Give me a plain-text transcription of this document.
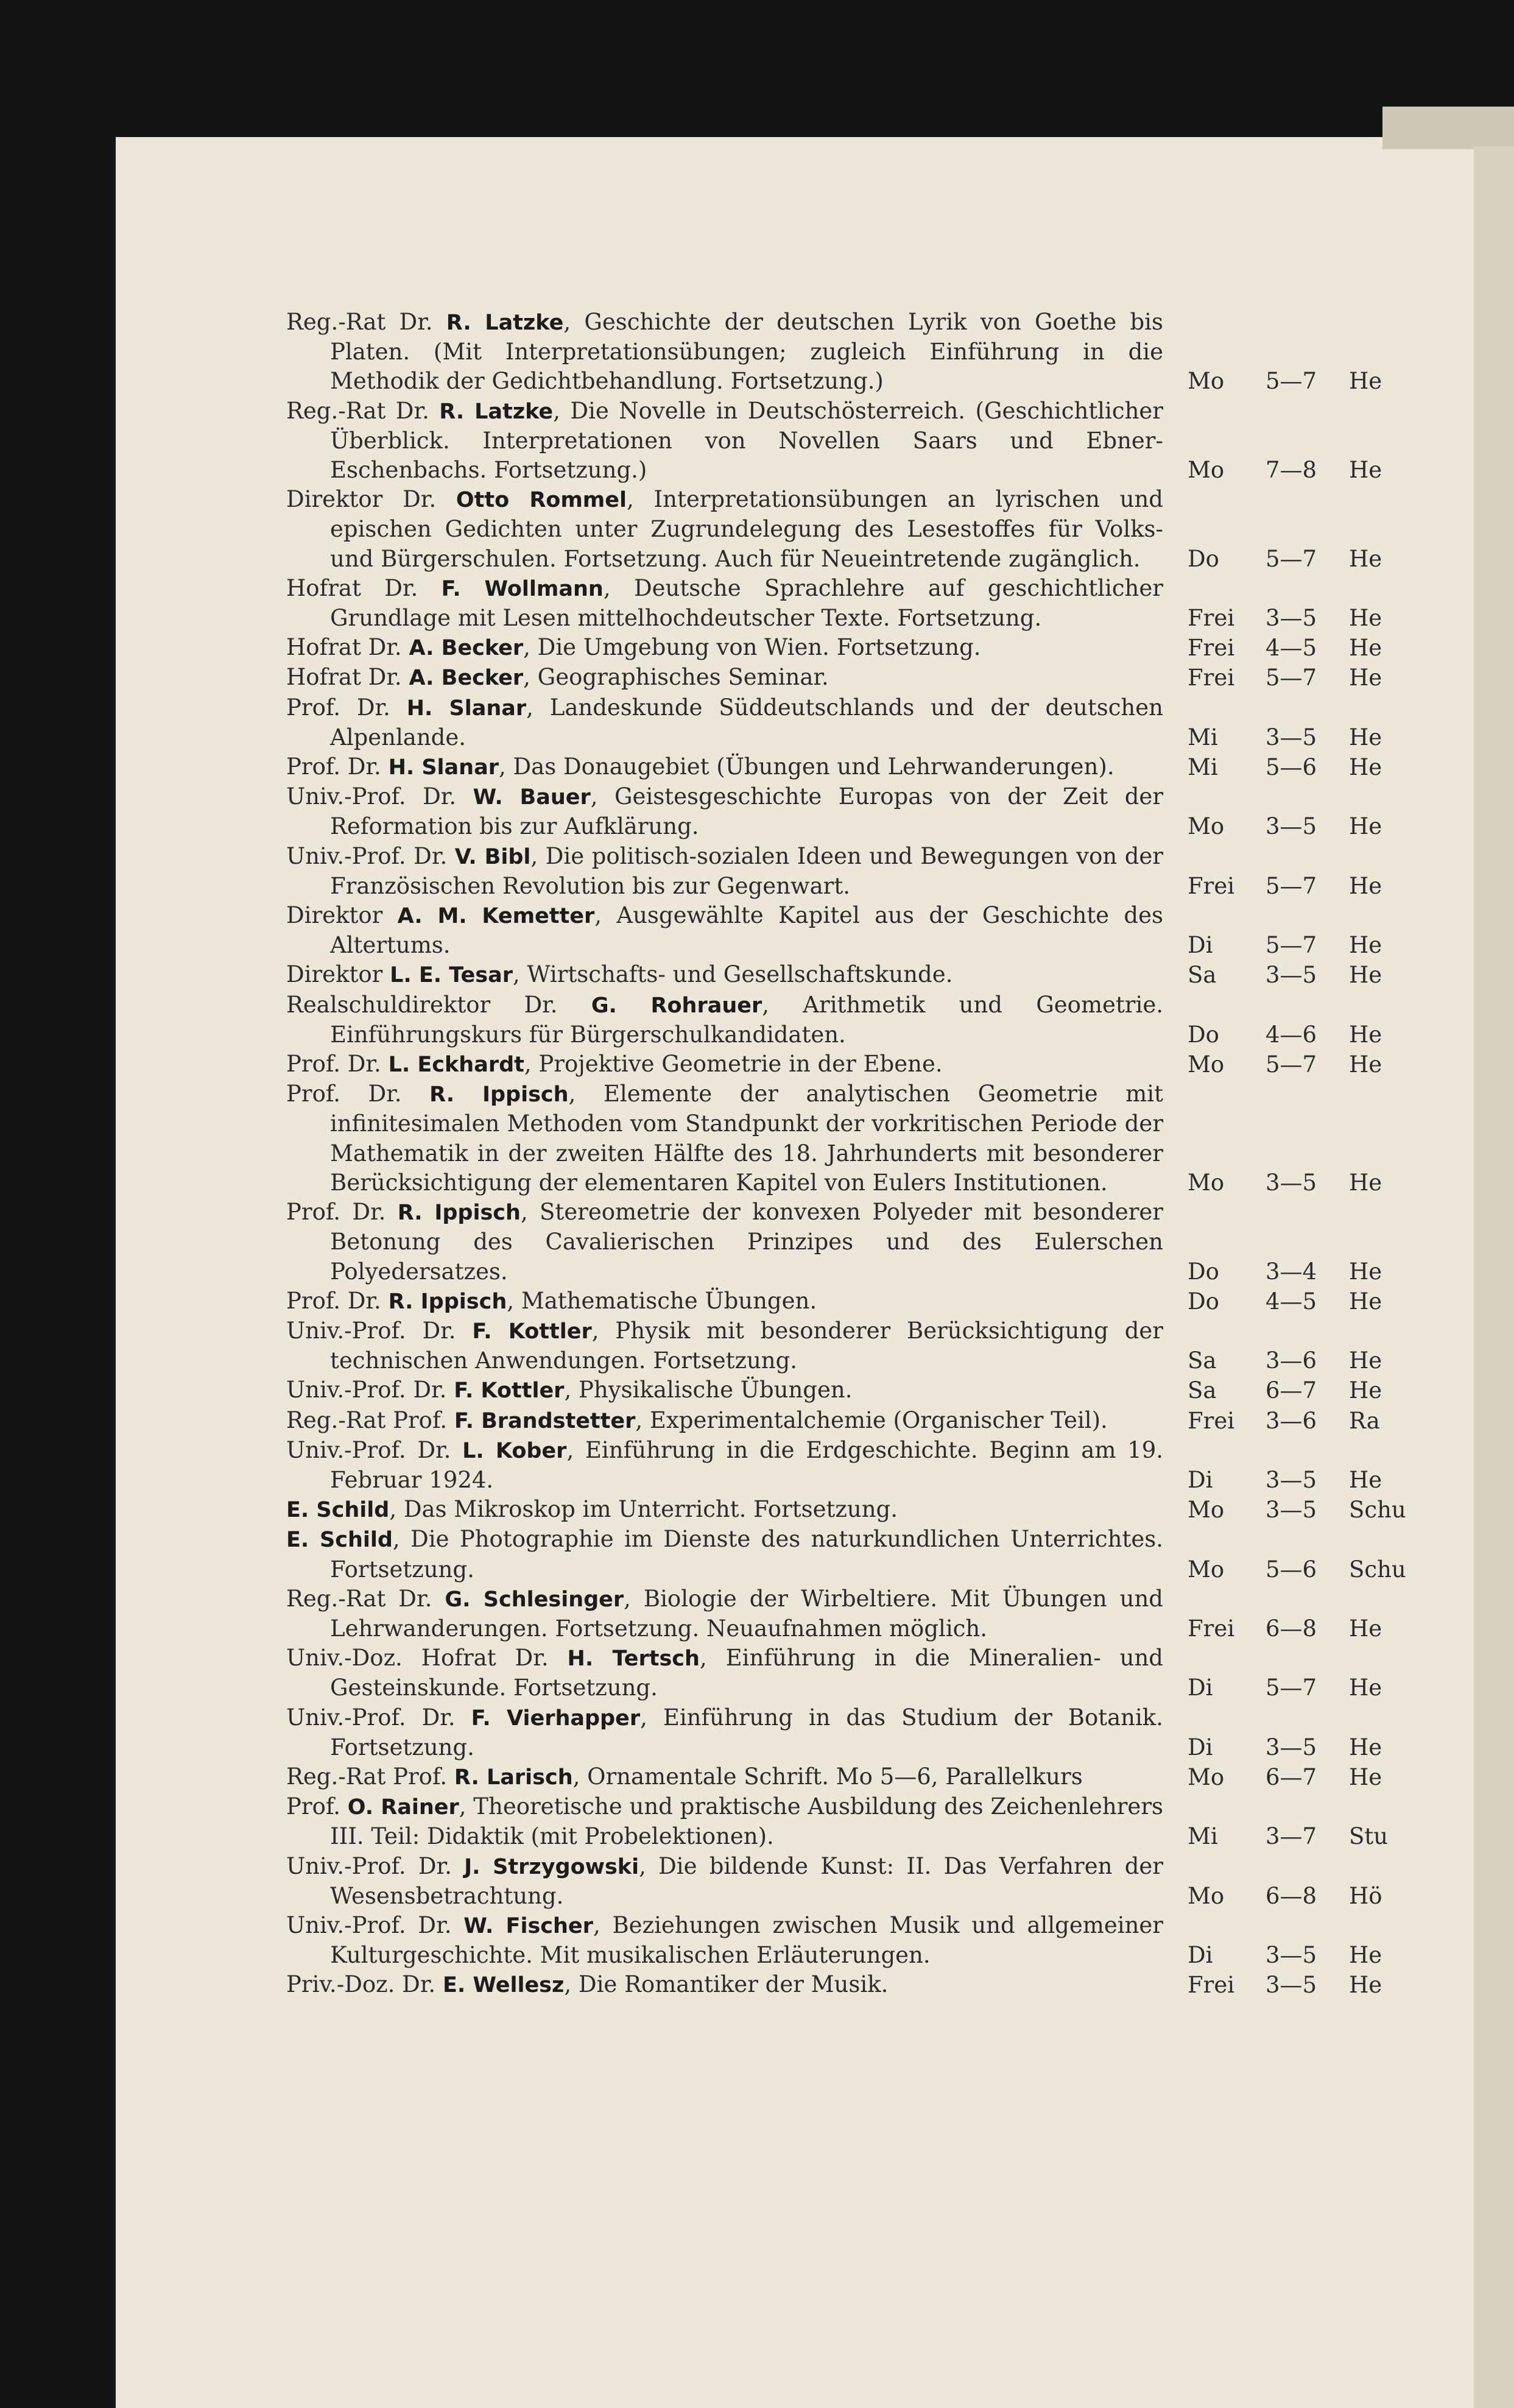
Reg.-Rat Dr. R. Latzke, Geschichte der deutschen Lyrik von Goethe bis Platen. (Mit Interpretationsübungen; zugleich Einführung in die Methodik der Gedichtbehandlung. Fortsetzung.)	Mo 5—7 He
Reg.-Rat Dr. R. Latzke, Die Novelle in Deutschösterreich. (Geschichtlicher Überblick. Interpretationen von Novellen Saars und Ebner-Eschenbachs. Fortsetzung.)	Mo 7—8 He
Direktor Dr. Otto Rommel, Interpretationsübungen an lyrischen und epischen Gedichten unter Zugrundelegung des Lesestoffes für Volks- und Bürgerschulen. Fortsetzung. Auch für Neueintretende zugänglich.	Do 5—7 He
Hofrat Dr. F. Wollmann, Deutsche Sprachlehre auf geschichtlicher Grundlage mit Lesen mittelhochdeutscher Texte. Fortsetzung.	Frei 3—5 He
Hofrat Dr. A. Becker, Die Umgebung von Wien. Fortsetzung.	Frei 4—5 He
Hofrat Dr. A. Becker, Geographisches Seminar.	Frei 5—7 He
Prof. Dr. H. Slanar, Landeskunde Süddeutschlands und der deutschen Alpenlande.	Mi 3—5 He
Prof. Dr. H. Slanar, Das Donaugebiet (Übungen und Lehrwanderungen).	Mi 5—6 He
Univ.-Prof. Dr. W. Bauer, Geistesgeschichte Europas von der Zeit der Reformation bis zur Aufklärung.	Mo 3—5 He
Univ.-Prof. Dr. V. Bibl, Die politisch-sozialen Ideen und Bewegungen von der Französischen Revolution bis zur Gegenwart.	Frei 5—7 He
Direktor A. M. Kemetter, Ausgewählte Kapitel aus der Geschichte des Altertums.	Di 5—7 He
Direktor L. E. Tesar, Wirtschafts- und Gesellschaftskunde.	Sa 3—5 He
Realschuldirektor Dr. G. Rohrauer, Arithmetik und Geometrie. Einführungskurs für Bürgerschulkandidaten.	Do 4—6 He
Prof. Dr. L. Eckhardt, Projektive Geometrie in der Ebene.	Mo 5—7 He
Prof. Dr. R. Ippisch, Elemente der analytischen Geometrie mit infinitesimalen Methoden vom Standpunkt der vorkritischen Periode der Mathematik in der zweiten Hälfte des 18. Jahrhunderts mit besonderer Berücksichtigung der elementaren Kapitel von Eulers Institutionen.	Mo 3—5 He
Prof. Dr. R. Ippisch, Stereometrie der konvexen Polyeder mit besonderer Betonung des Cavalierischen Prinzipes und des Eulerschen Polyedersatzes.	Do 3—4 He
Prof. Dr. R. Ippisch, Mathematische Übungen.	Do 4—5 He
Univ.-Prof. Dr. F. Kottler, Physik mit besonderer Berücksichtigung der technischen Anwendungen. Fortsetzung.	Sa 3—6 He
Univ.-Prof. Dr. F. Kottler, Physikalische Übungen.	Sa 6—7 He
Reg.-Rat Prof. F. Brandstetter, Experimentalchemie (Organischer Teil).	Frei 3—6 Ra
Univ.-Prof. Dr. L. Kober, Einführung in die Erdgeschichte. Beginn am 19. Februar 1924.	Di 3—5 He
E. Schild, Das Mikroskop im Unterricht. Fortsetzung.	Mo 3—5 Schu
E. Schild, Die Photographie im Dienste des naturkundlichen Unterrichtes. Fortsetzung.	Mo 5—6 Schu
Reg.-Rat Dr. G. Schlesinger, Biologie der Wirbeltiere. Mit Übungen und Lehrwanderungen. Fortsetzung. Neuaufnahmen möglich.	Frei 6—8 He
Univ.-Doz. Hofrat Dr. H. Tertsch, Einführung in die Mineralien- und Gesteinskunde. Fortsetzung.	Di 5—7 He
Univ.-Prof. Dr. F. Vierhapper, Einführung in das Studium der Botanik. Fortsetzung.	Di 3—5 He
Reg.-Rat Prof. R. Larisch, Ornamentale Schrift. Mo 5—6, Parallelkurs	Mo 6—7 He
Prof. O. Rainer, Theoretische und praktische Ausbildung des Zeichenlehrers III. Teil: Didaktik (mit Probelektionen).	Mi 3—7 Stu
Univ.-Prof. Dr. J. Strzygowski, Die bildende Kunst: II. Das Verfahren der Wesensbetrachtung.	Mo 6—8 Hö
Univ.-Prof. Dr. W. Fischer, Beziehungen zwischen Musik und allgemeiner Kulturgeschichte. Mit musikalischen Erläuterungen.	Di 3—5 He
Priv.-Doz. Dr. E. Wellesz, Die Romantiker der Musik.	Frei 3—5 He
